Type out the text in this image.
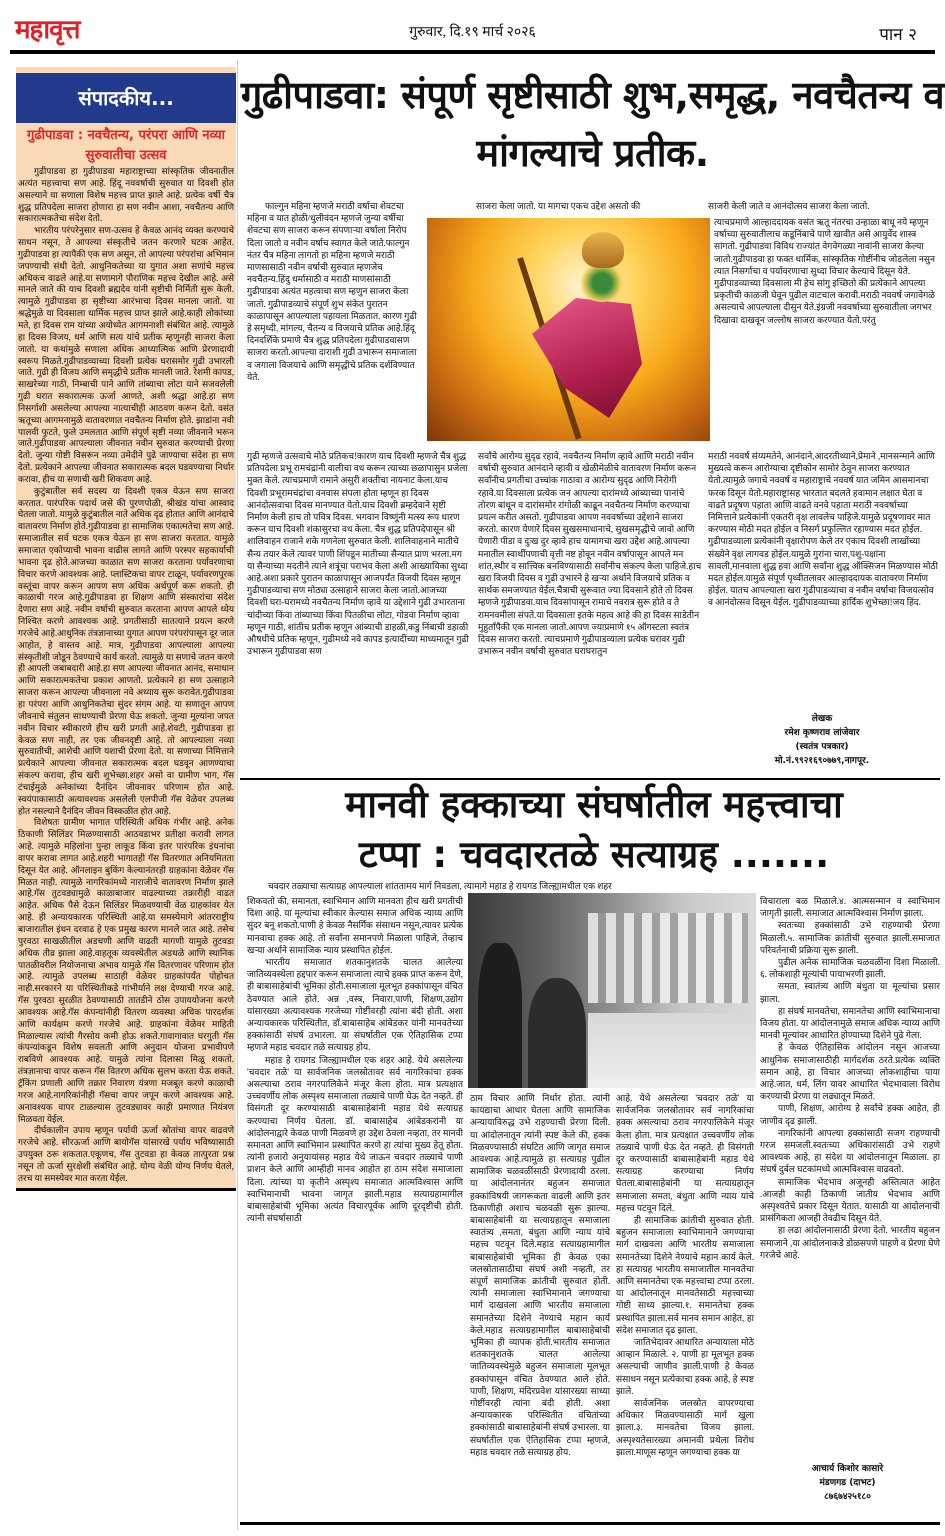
महावृत्त	गुरुवार, दि.१९ मार्च २०२६	पान २
संपादकीय...
गुढीपाडवा : नवचैतन्य, परंपरा आणि नव्या सुरुवातीचा उत्सव

गुढीपाडवा हा गुढीपाडवा महाराष्ट्राच्या सांस्कृतिक जीवनातील अत्यंत महत्त्वाचा सण आहे. हिंदू नववर्षाची सुरुवात या दिवशी होत असल्याने या सणाला विशेष महत्त्व प्राप्त झाले आहे. प्रत्येक वर्षी चैत्र शुद्ध प्रतिपदेला साजरा होणारा हा सण नवीन आशा, नवचैतन्य आणि सकारात्मकतेचा संदेश देतो.

भारतीय परंपरेनुसार सण-उत्सव हे केवळ आनंद व्यक्त करण्याचे साधन नसून, ते आपल्या संस्कृतीचे जतन करणारे घटक आहेत. गुढीपाडवा हा त्यापैकी एक सण असून, तो आपल्या परंपरांचा अभिमान जपण्याची संधी देतो. आधुनिकतेच्या या युगात अशा सणांचे महत्त्व अधिकच वाढले आहे.या सणामागे पौराणिक महत्त्व देखील आहे. असे मानले जाते की याच दिवशी ब्रह्मदेव यांनी सृष्टीची निर्मिती सुरू केली. त्यामुळे गुढीपाडवा हा सृष्टीच्या आरंभाचा दिवस मानला जातो. या श्रद्धेमुळे या दिवसाला धार्मिक महत्त्व प्राप्त झाले आहे.काही लोकांच्या मते, हा दिवस राम यांच्या अयोध्येत आगमनाशी संबंधित आहे. त्यामुळे हा दिवस विजय, धर्म आणि सत्य यांचे प्रतीक म्हणूनही साजरा केला जातो. या कथांमुळे सणाला अधिक आध्यात्मिक आणि प्रेरणादायी स्वरूप मिळते.गुढीपाडव्याच्या दिवशी प्रत्येक घरासमोर गुढी उभारली जाते. गुढी ही विजय आणि समृद्धीचे प्रतीक मानली जाते. रेशमी कापड, साखरेच्या गाठी, निम्बाची पाने आणि तांब्याचा लोटा याने सजवलेली गुढी घरात सकारात्मक ऊर्जा आणते, अशी श्रद्धा आहे.हा सण निसर्गाशी असलेल्या आपल्या नात्याचीही आठवण करून देतो. वसंत ऋतूच्या आगमनामुळे वातावरणात नवचैतन्य निर्माण होते. झाडांना नवी पालवी फुटते, फुले उमलतात आणि संपूर्ण सृष्टी नव्या जीवनाने भरून जाते.गुढीपाडवा आपल्याला जीवनात नवीन सुरुवात करण्याची प्रेरणा देतो. जुन्या गोष्टी विसरून नव्या उमेदीने पुढे जाण्याचा संदेश हा सण देतो. प्रत्येकाने आपल्या जीवनात सकारात्मक बदल घडवण्याचा निर्धार करावा, हीच या सणाची खरी शिकवण आहे.

कुटुंबातील सर्व सदस्य या दिवशी एकत्र येऊन सण साजरा करतात. पारंपरिक पदार्थ जसे की पुरणपोळी, श्रीखंड यांचा आस्वाद घेतला जातो. यामुळे कुटुंबातील नाते अधिक दृढ होतात आणि आनंदाचे वातावरण निर्माण होते.गुढीपाडवा हा सामाजिक एकात्मतेचा सण आहे. समाजातील सर्व घटक एकत्र येऊन हा सण साजरा करतात. यामुळे समाजात एकोप्याची भावना वाढीस लागते आणि परस्पर सहकार्याची भावना दृढ होते.आजच्या काळात सण साजरा करताना पर्यावरणाचा विचार करणे आवश्यक आहे. प्लास्टिकचा वापर टाळून, पर्यावरणपूरक वस्तूंचा वापर करून आपण सण अधिक अर्थपूर्ण करू शकतो. ही काळाची गरज आहे.गुढीपाडवा हा शिक्षण आणि संस्कारांचा संदेश देणारा सण आहे. नवीन वर्षाची सुरुवात करताना आपण आपले ध्येय निश्चित करणे आवश्यक आहे. प्रगतीसाठी सातत्याने प्रयत्न करणे गरजेचे आहे.आधुनिक तंत्रज्ञानाच्या युगात आपण परंपरांपासून दूर जात आहोत, हे वास्तव आहे. मात्र, गुढीपाडवा आपल्याला आपल्या संस्कृतीशी जोडून ठेवण्याचे कार्य करतो. त्यामुळे या सणाचे जतन करणे ही आपली जबाबदारी आहे.हा सण आपल्या जीवनात आनंद, समाधान आणि सकारात्मकतेचा प्रकाश आणतो. प्रत्येकाने हा सण उत्साहाने साजरा करून आपल्या जीवनाला नवे अध्याय सुरू करावेत.गुढीपाडवा हा परंपरा आणि आधुनिकतेचा सुंदर संगम आहे. या सणातून आपण जीवनाचे संतुलन साधण्याची प्रेरणा घेऊ शकतो. जुन्या मूल्यांना जपत नवीन विचार स्वीकारणे हीच खरी प्रगती आहे.शेवटी, गुढीपाडवा हा केवळ सण नाही, तर एक जीवनदृष्टी आहे. तो आपल्याला नव्या सुरुवातीची, आशेची आणि यशाची प्रेरणा देतो. या सणाच्या निमित्ताने प्रत्येकाने आपल्या जीवनात सकारात्मक बदल घडवून आणण्याचा संकल्प करावा, हीच खरी शुभेच्छा.शहर असो वा ग्रामीण भाग, गॅस टंचाईमुळे अनेकांच्या दैनंदिन जीवनावर परिणाम होत आहे. स्वयंपाकासाठी अत्यावश्यक असलेली एलपीजी गॅस वेळेवर उपलब्ध होत नसल्याने दैनंदिन जीवन विस्कळीत होत आहे.

विशेषतः ग्रामीण भागात परिस्थिती अधिक गंभीर आहे. अनेक ठिकाणी सिलिंडर मिळण्यासाठी आठवडाभर प्रतीक्षा करावी लागत आहे. त्यामुळे महिलांना पुन्हा लाकूड किंवा इतर पारंपरिक इंधनांचा वापर करावा लागत आहे.शहरी भागातही गॅस वितरणात अनियमितता दिसून येत आहे. ऑनलाइन बुकिंग केल्यानंतरही ग्राहकांना वेळेवर गॅस मिळत नाही. त्यामुळे नागरिकांमध्ये नाराजीचे वातावरण निर्माण झाले आहे.गॅस तुटवड्यामुळे काळाबाजार वाढल्याच्या तक्रारीही वाढत आहेत. अधिक पैसे देऊन सिलिंडर मिळवण्याची वेळ ग्राहकांवर येत आहे. ही अन्यायकारक परिस्थिती आहे.या समस्येमागे आंतरराष्ट्रीय बाजारातील इंधन दरवाढ हे एक प्रमुख कारण मानले जात आहे. तसेच पुरवठा साखळीतील अडचणी आणि वाढती मागणी यामुळे तुटवडा अधिक तीव्र झाला आहे.वाहतूक व्यवस्थेतील अडथळे आणि स्थानिक पातळीवरील नियोजनाचा अभाव यामुळे गॅस वितरणावर परिणाम होत आहे. त्यामुळे उपलब्ध साठाही वेळेवर ग्राहकांपर्यंत पोहोचत नाही.सरकारने या परिस्थितीकडे गांभीर्याने लक्ष देण्याची गरज आहे. गॅस पुरवठा सुरळीत ठेवण्यासाठी तातडीने ठोस उपाययोजना करणे आवश्यक आहे.गॅस कंपन्यांनीही वितरण व्यवस्था अधिक पारदर्शक आणि कार्यक्षम करणे गरजेचे आहे. ग्राहकांना वेळेवर माहिती मिळाल्यास त्यांची गैरसोय कमी होऊ शकते.गावागावात घरगुती गॅस कंपन्यांकडून विशेष सवलती आणि अनुदान योजना प्रभावीपणे राबविणे आवश्यक आहे. यामुळे त्यांना दिलासा मिळू शकतो. तंत्रज्ञानाचा वापर करून गॅस वितरण अधिक सुलभ करता येऊ शकते. ट्रॅकिंग प्रणाली आणि तक्रार निवारण यंत्रणा मजबूत करणे काळाची गरज आहे.नागरिकांनीही गॅसचा वापर जपून करणे आवश्यक आहे. अनावश्यक वापर टाळल्यास तुटवड्यावर काही प्रमाणात नियंत्रण मिळवता येईल.

दीर्घकालीन उपाय म्हणून पर्यायी ऊर्जा स्रोतांचा वापर वाढवणे गरजेचे आहे. सौरऊर्जा आणि बायोगॅस यांसारखे पर्याय भविष्यासाठी उपयुक्त ठरू शकतात.एकूणच, गॅस तुटवडा हा केवळ तात्पुरता प्रश्न नसून तो ऊर्जा सुरक्षेशी संबंधित आहे. योग्य वेळी योग्य निर्णय घेतले, तरच या समस्येवर मात करता येईल.

गुढीपाडवा: संपूर्ण सृष्टीसाठी शुभ,समृद्ध, नवचैतन्य व मांगल्याचे प्रतीक.

फाल्गुन महिना म्हणजे मराठी वर्षाचा शेवटचा महिना व यात होळी/धुलीवंदन म्हणजे जुन्या वर्षीचा शेवटचा सण साजरा करून संपणाऱ्या वर्षाला निरोप दिला जातो व नवीन वर्षाच स्वागत केले जाते.फाल्गुन नंतर चैत्र महिना लागतो हा महिना म्हणजे मराठी माणसासाठी नवीन वर्षाची सुरुवात म्हणजेच नवचैतन्य.हिंदु धर्मासाठी व मराठी माणसांसाठी गुढीपाडवा अत्यंत महत्वाचा सण म्हणुन साजरा केला जातो. गुढीपाडव्याचे संपूर्ण शुभ संकेत पुरातन काळापासून आपल्याला पहायला मिळतात. कारण गुढी हे समृध्दी, मांगल्य, चैतन्य व विजयाचे प्रतिक आहे.हिंदू दिनदर्शिके प्रमाणे चैत्र शुद्ध प्रतिपदेला गुढीपाडवासण साजरा करतो.आपल्या दाराशी गुढी उभारून समाजाला व जगाला विजयाचे आणि समृद्धीचे प्रतिक दर्शविण्यात येते.

गुढी म्हणजे उत्सवाचे मोठे प्रतिकच!कारण याच दिवशी म्हणजे चैत्र शुद्ध प्रतिपदेला प्रभू रामचंद्रांनी वालीचा वध करून त्याच्या छळापासुन प्रजेला मुक्त केले. त्याचप्रमाणे रामाने असुरी शक्तीचा नायनाट केला.याच दिवशी प्रभूरामचंद्रांचा वनवास संपला होता म्हणून हा दिवस आनंदोत्सवाचा दिवस मानण्यात येतो.याच दिवशी ब्रम्हदेवाने सृष्टी निर्माण केली हाच तो पवित्र दिवस. भगवान विष्णूंनी मत्स्य रूप धारण करून याच दिवशी शंकासुरचा वध केला. चैत्र शुद्ध प्रतिपदेपासून श्री शालिवाहन राजाने शके गणनेला सुरुवात केली. शालिवाहनाने मातीचे सैन्य तयार केले त्यावर पाणी शिंपडून मातीच्या सैन्यात प्राण भरला.मग या सैन्याच्या मदतीने त्याने शत्रूंचा पराभव केला अशी आख्यायिका सुध्दा आहे.अशा प्रकारे पुरातन काळापासून आजपर्यंत विजयी दिवस म्हणून गुढीपाडव्याचा सण मोठ्या उत्साहाने साजरा केला जातो.आजच्या दिवशी घरा-घरामध्ये नवचैतन्य निर्माण व्हावे या उद्देशाने गुढी उभारताना चांदीच्या किंवा तांब्याच्या किंवा पितळीचा लोटा, गोडवा निर्माण व्हावा म्हणून गाठी, शांतीच प्रतीक म्हणून आंब्याची डाहळी,कडु निंबाची डहाळी औषधीचे प्रतिक म्हणून, गुढीमध्ये नवे कापड इत्यादींच्या माध्यमातून गुढी उभारून गुढीपाडवा सण

साजरा केला जातो. या मागचा एकच उद्देश असतो की

सर्वांचे आरोग्य सुदृढ रहावे, नवचैतन्य निर्माण व्हावे आणि मराठी नवीन वर्षाची सुरुवात आनंदाने व्हावी व खेळीमेळीचे वातावरण निर्माण करून सर्वांनीच प्रगतीचा उच्चांक गाठावा व आरोग्य सुदृढ आणि निरोगी रहावे.या दिवसाला प्रत्येक जन आपल्या दारांमध्ये आंब्याच्या पानांचे तोरण बांधून व दारांसमोर रांगोळी काढून नवचैतन्य निर्माण करण्याचा प्रयत्न करीत असतो. गुढीपाडवा आपण नववर्षाच्या उद्देशाने साजरा करतो. कारण येणारे दिवस सुखसमाधानाचे, सुखसमृद्धीचे जावो आणि येणारी पीडा व दुःख दुर व्हावे हाच यामागचा खरा उद्देश आहे.आपल्या मनातील स्वार्थीपणाची वृत्ती नष्ट होवून नवीन वर्षापासून आपले मन शांत,स्थीर व सात्त्विक बनविण्यासाठी सर्वांनीच संकल्प केला पाहिजे.हाच खरा विजयी दिवस व गुढी उभारने हे खऱ्या अर्थाने विजयाचे प्रतिक व सार्थक समजण्यात येईल.चैत्राची सुरूवात ज्या दिवसाने होते तो दिवस म्हणजे गुढीपाडवा.याच दिवसांपासून रामाचे नवरात्र सुरू होते व ते रामनवमीला संपते.या दिवसाला इतके महत्व आहे की हा दिवस साडेतीन मुहुर्तांपैकी एक मानला जातो.आपण ज्याप्रमाणे १५ ऑगस्टला स्वतंत्र दिवस साजरा करतो. त्याचप्रमाणे गुढीपाडव्याला प्रत्येक घरावर गुढी उभारून नवीन वर्षाची सुरुवात घराघरातुन

साजरी केली जाते व आनंदोत्सव साजरा केला जातो.

त्याचप्रमाणे आल्हाददायक वसंत ऋतू नंतरचा उन्हाळा बाधू नये म्हणून वर्षाच्या सुरुवातीलाच कडूनिंबाचे पाणे खावीत असे आयुर्वेद शास्त्र सांगतो. गुढीपाडवा विविध राज्यांत वेगवेगळ्या नावांनी साजरा केल्या जातो.गुढीपाडवा हा फक्त धार्मिक, सांस्कृतिक गोष्टींनीच जोडलेला नसुन त्यात निसर्गाचा व पर्यावरणाचा सुध्दा विचार केल्याचे दिसून येते. गुढीपाडव्याच्या दिवसाला मी हेच सांगु इच्छितो की प्रत्येकाने आपल्या प्रकृतीची काळजी घेवून पुढील वाटचाल करावी.मराठी नववर्ष जगावेगळे असल्याचे आपल्याला दीसुन येते.इंग्रजी नववर्षाच्या सुरुवातीला जगभर दिखावा दाखवून जल्लोष साजरा करण्यात येतो.परंतु

मराठी नववर्ष संय्यमतेने, आनंदाने,आदरतीथ्याने,प्रेमाने ,मानसन्माने आणि मुख्यत्वे करून आरोग्याचा दृष्टीकोन सामोरं ठेवुन साजरा करण्यात येतो.त्यामुळे जगाचे नववर्ष व महाराष्ट्राचे नववर्ष यात जमिन आसमानचा फरक दिसून येतो.महाराष्ट्रासह भारतात बदलते हवामान लक्षात घेता व वाढते प्रदूषण पहाता आणि वाढते वनवे पहाता मराठी नववर्षाच्या निमित्ताने प्रत्येकांनी एकतरी वृक्ष लावलेच पाहिजे.यामुळे प्रदूषणावर मात करण्यास मोठी मदत होईल व निसर्ग प्रफुल्लित रहाण्यास मदत होईल. गुढीपाडव्याला प्रत्येकांनी वृक्षारोपण केले तर एकाच दिवशी लाखोंच्या संख्येने वृक्ष लागवड होईल.यामुळे गुरांना चारा,पशु-पक्षांना सावली,मानवाला शुद्ध हवा आणि सर्वांना शुद्ध ऑक्सिजन मिळण्यास मोठी मदत होईल.यामुळे संपूर्ण पृथ्वीतलावर आल्हाददायक वातावरण निर्माण होईल. यातच आपल्याला खरा गुढीपाडव्याचा व नवीन वर्षाचा विजयत्सोव व आनंदोत्सव दिसून येईल. गुढीपाडव्याच्या हार्दिक शुभेच्छा!जय हिंद.

लेखक
रमेश कृष्णराव लांजेवार
(स्वतंत्र पत्रकार)
मो.नं.९९२१६९०७७९,नागपूर.
मानवी हक्काच्या संघर्षातील महत्त्वाचा
टप्पा : चवदारतळे सत्याग्रह .......

चवदार तळ्याचा सत्याग्रह आपल्याला शांततामय मार्ग निवडला, त्यामागे महाड हे रायगड जिल्ह्यामधील एक शहर

शिकवतो की, समानता, स्वाभिमान आणि मानवता हीच खरी प्रगतीची दिशा आहे. या मूल्यांचा स्वीकार केल्यास समाज अधिक न्याय्य आणि सुंदर बनू शकतो.पाणी हे केवळ नैसर्गिक संसाधन नसून,त्यावर प्रत्येक मानवाचा हक्क आहे. तो सर्वांना समानपणे मिळाला पाहिजे, तेव्हाच खऱ्या अर्थाने सामाजिक न्याय प्रस्थापित होईल.

भारतीय समाजात शतकानुशतके चालत आलेल्या जातिव्यवस्थेला हद्दपार करून समाजाला त्याचे हक्क प्राप्त करून देणे, ही बाबासाहेबांची भूमिका होती.समाजाला मूलभूत हक्कांपासून वंचित ठेवण्यात आले होते. अन्न ,वस्त्र, निवारा,पाणी, शिक्षण,उद्योग यांसारख्या अत्यावश्यक गरजेच्या गोष्टींवरही त्यांना बंदी होती. अशा अन्यायकारक परिस्थितीत, डॉ.बाबासाहेब आंबेडकर यांनी मानवतेच्या हक्कांसाठी संघर्ष उभारला. या संघर्षातील एक ऐतिहासिक टप्पा म्हणजे महाड चवदार तळे सत्याग्रह होय.

महाड हे रायगड जिल्ह्यामधील एक शहर आहे. येथे असलेल्या 'चवदार तळे' या सार्वजनिक जलस्रोतावर सर्व नागरिकांचा हक्क असल्याचा ठराव नगरपालिकेने मंजूर केला होता. मात्र प्रत्यक्षात उच्चवर्णीय लोक अस्पृश्य समाजाला तळ्याचे पाणी घेऊ देत नव्हते. ही विसंगती दूर करण्यासाठी बाबासाहेबांनी महाड येथे सत्याग्रह करण्याचा निर्णय घेतला. डॉ. बाबासाहेब आंबेडकरांनी या आंदोलनाद्वारे केवळ पाणी मिळवणे हा उद्देश ठेवला नव्हता, तर मानवी समानता आणि स्वाभिमान प्रस्थापित करणे हा त्यांचा मुख्य हेतू होता. त्यांनी हजारो अनुयायांसह महाड येथे जाऊन चवदार तळ्याचे पाणी प्राशन केले आणि आम्हीही मानव आहोत हा ठाम संदेश समाजाला दिला. त्यांच्या या कृतीने अस्पृश्य समाजात आत्मविश्वास आणि स्वाभिमानाची भावना जागृत झाली.महाड सत्याग्रहामागील बाबासाहेबांची भूमिका अत्यंत विचारपूर्वक आणि दूरदृष्टीची होती. त्यांनी संघर्षासाठी

ठाम विचार आणि निर्धार होता. त्यांनी कायद्याचा आधार घेतला आणि सामाजिक अन्यायाविरुद्ध उभे राहण्याची प्रेरणा दिली. या आंदोलनातून त्यांनी स्पष्ट केले की, हक्क मिळवण्यासाठी संघटित आणि जागृत समाज आवश्यक आहे.त्यामुळे हा सत्याग्रह पुढील सामाजिक चळवळींसाठी प्रेरणादायी ठरला. या आंदोलनानंतर बहुजन समाजात हक्कांविषयी जागरूकता वाढली आणि इतर ठिकाणीही अशाच चळवळी सुरू झाल्या. बाबासाहेबांनी या सत्याग्रहातून समाजाला स्वातंत्र्य ,समता, बंधुता आणि न्याय यांचे महत्त्व पटवून दिले.महाड सत्याग्रहामागील बाबासाहेबांची भूमिका ही केवळ एका जलस्रोतासाठीचा संघर्ष अशी नव्हती, तर संपूर्ण सामाजिक क्रांतीची सुरुवात होती. त्यांनी समाजाला स्वाभिमानाने जगण्याचा मार्ग दाखवला आणि भारतीय समाजाला समानतेच्या दिशेने नेण्याचे महान कार्य केले.महाड सत्याग्रहामागील बाबासाहेबांची भूमिका ही व्यापक होती.भारतीय समाजात शतकानुशतके चालत आलेल्या जातिव्यवस्थेमुळे बहुजन समाजाला मूलभूत हक्कांपासून वंचित ठेवण्यात आले होते. पाणी, शिक्षण, मंदिरप्रवेश यांसारख्या साध्या गोष्टींवरही त्यांना बंदी होती. अशा अन्यायकारक परिस्थितीत वंचितांच्या हक्कांसाठी बाबासाहेबांनी संघर्ष उभारला. या संघर्षातील एक ऐतिहासिक टप्पा म्हणजे, महाड चवदार तळे सत्याग्रह होय.

आहे. येथे असलेल्या 'चवदार तळे' या सार्वजनिक जलस्रोतावर सर्व नागरिकांचा हक्क असल्याचा ठराव नगरपालिकेने मंजूर केला होता. मात्र प्रत्यक्षात उच्चवर्णीय लोक तळ्याचे पाणी घेऊ देत नव्हते. ही विसंगती दूर करण्यासाठी बाबासाहेबांनी महाड येथे सत्याग्रह करण्याचा निर्णय घेतला.बाबासाहेबांनी या सत्याग्रहातून समाजाला समता, बंधुता आणि न्याय यांचे महत्त्व पटवून दिले.

ही सामाजिक क्रांतीची सुरुवात होती. बहुजन समाजाला स्वाभिमानाने जगण्याचा मार्ग दाखवला आणि भारतीय समाजाला समानतेच्या दिशेने नेण्याचे महान कार्य केले. हा सत्याग्रह भारतीय समाजातील मानवतेचा आणि समानतेचा एक महत्त्वाचा टप्पा ठरला. या आंदोलनातून मानवतेसाठी महत्त्वाच्या गोष्टी साध्य झाल्या.१. समानतेचा हक्क प्रस्थापित झाला.सर्व मानव समान आहेत, हा संदेश समाजात दृढ झाला.

जातिभेदावर आधारित अन्यायाला मोठे आव्हान मिळाले. २. पाणी हा मूलभूत हक्क असल्याची जाणीव झाली.पाणी हे केवळ संसाधन नसून प्रत्येकाचा हक्क आहे, हे स्पष्ट झाले.

सार्वजनिक जलस्रोत वापरण्याचा अधिकार मिळवण्यासाठी मार्ग खुला झाला.३. मानवतेचा विजय झाला. अस्पृश्यतेसारख्या अमानवी प्रथेला विरोध झाला.माणूस म्हणून जगण्याचा हक्क या

विचाराला बळ मिळाले.४. आत्मसन्मान व स्वाभिमान जागृती झाली. समाजात आत्मविश्वास निर्माण झाला.

स्वतःच्या हक्कांसाठी उभे राहण्याची प्रेरणा मिळाली.५. सामाजिक क्रांतीची सुरुवात झाली.समाजात परिवर्तनाची प्रक्रिया सुरू झाली.

पुढील अनेक सामाजिक चळवळींना दिशा मिळाली. ६. लोकशाही मूल्यांची पायाभरणी झाली.

समता, स्वातंत्र्य आणि बंधुता या मूल्यांचा प्रसार झाला.

हा संघर्ष मानवतेचा, समानतेचा आणि स्वाभिमानाचा विजय होता. या आंदोलनामुळे समाज अधिक न्याय्य आणि मानवी मूल्यांवर आधारित होण्याच्या दिशेने पुढे गेला.

हे केवळ ऐतिहासिक आंदोलन नसून आजच्या आधुनिक समाजासाठीही मार्गदर्शक ठरते.प्रत्येक व्यक्ति समान आहे, हा विचार आजच्या लोकशाहीचा पाया आहे.जात, धर्म, लिंग यावर आधारित भेदभावाला विरोध करण्याची प्रेरणा या लढ्यातून मिळते.

पाणी, शिक्षण, आरोग्य हे सर्वांचे हक्क आहेत, ही जाणीव दृढ झाली.

नागरिकांनी आपल्या हक्कांसाठी सजग राहण्याची गरज समजली.स्वतःच्या अधिकारांसाठी उभे राहणे आवश्यक आहे, हा संदेश या आंदोलनातून मिळाला. हा संघर्ष दुर्बल घटकांमध्ये आत्मविश्वास वाढवतो.

सामाजिक भेदभाव अजूनही अस्तित्वात आहेत .आजही काही ठिकाणी जातीय भेदभाव आणि अस्पृश्यतेचे प्रकार दिसून येतात. यासाठी या आंदोलनाची प्रासंगिकता आजही तेवढीच दिसून येते.

हा लढा आंदोलनासाठी प्रेरणा देतो. भारतीय बहुजन समाजाने ,या आंदोलनाकडे डोळसपणे पाहणे व प्रेरणा घेणे गरजेचे आहे.

आचार्य किशोर कासारे
मंडणगड (दाभट)
८७६७४२५१८०
